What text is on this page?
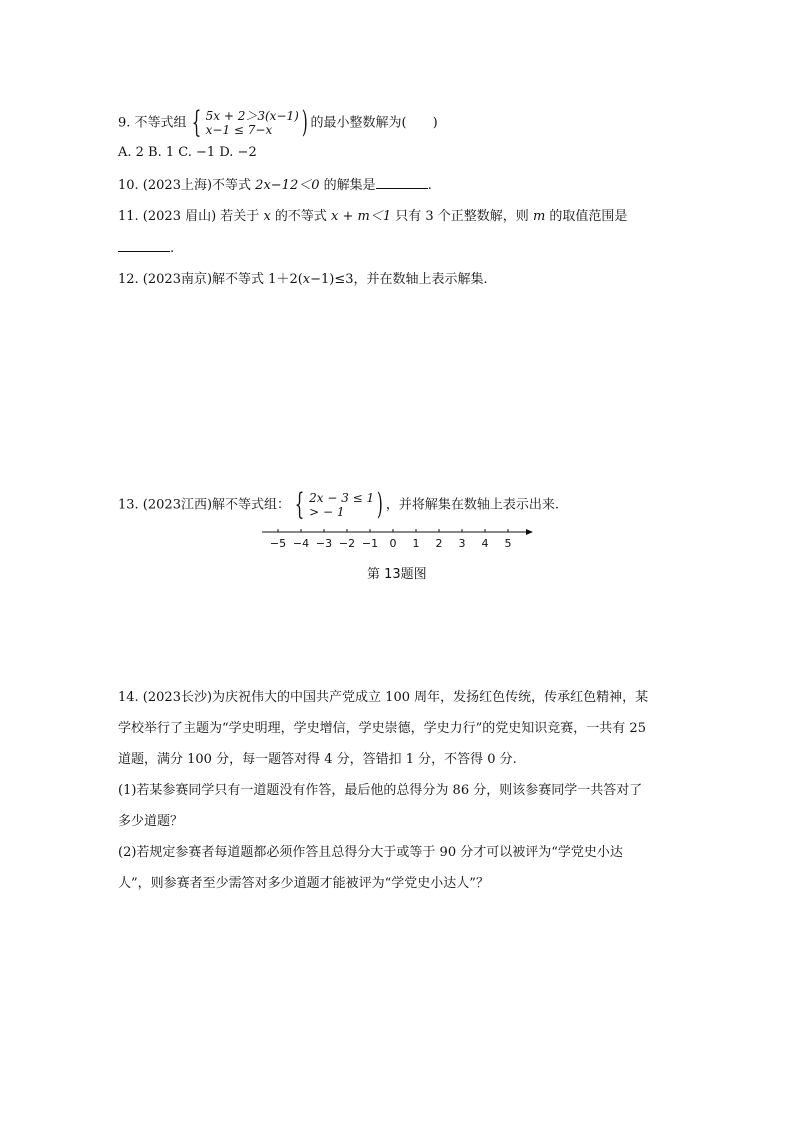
9. 不等式组 { 5x + 2＞3(x−1)
x−1 ≤ 7−x ) 的最小整数解为(　　)
A. 2 B. 1 C. −1 D. −2
10. (2023上海)不等式 2x−12＜0 的解集是	.
11. (2023 眉山) 若关于 x 的不等式 x + m＜1 只有 3 个正整数解，则 m 的取值范围是
.
12. (2023南京)解不等式 1＋2(x−1)≤3，并在数轴上表示解集.
13. (2023江西)解不等式组： { 2x − 3 ≤ 1
> − 1	) ，并将解集在数轴上表示出来.
−5 −4 −3 −2 −1 0 1 2 3 4 5
第 13题图
14. (2023长沙)为庆祝伟大的中国共产党成立 100 周年，发扬红色传统，传承红色精神，某
学校举行了主题为“学史明理，学史增信，学史崇德，学史力行”的党史知识竞赛，一共有 25
道题，满分 100 分，每一题答对得 4 分，答错扣 1 分，不答得 0 分.
(1)若某参赛同学只有一道题没有作答，最后他的总得分为 86 分，则该参赛同学一共答对了
多少道题？
(2)若规定参赛者每道题都必须作答且总得分大于或等于 90 分才可以被评为“学党史小达
人”，则参赛者至少需答对多少道题才能被评为“学党史小达人”？
